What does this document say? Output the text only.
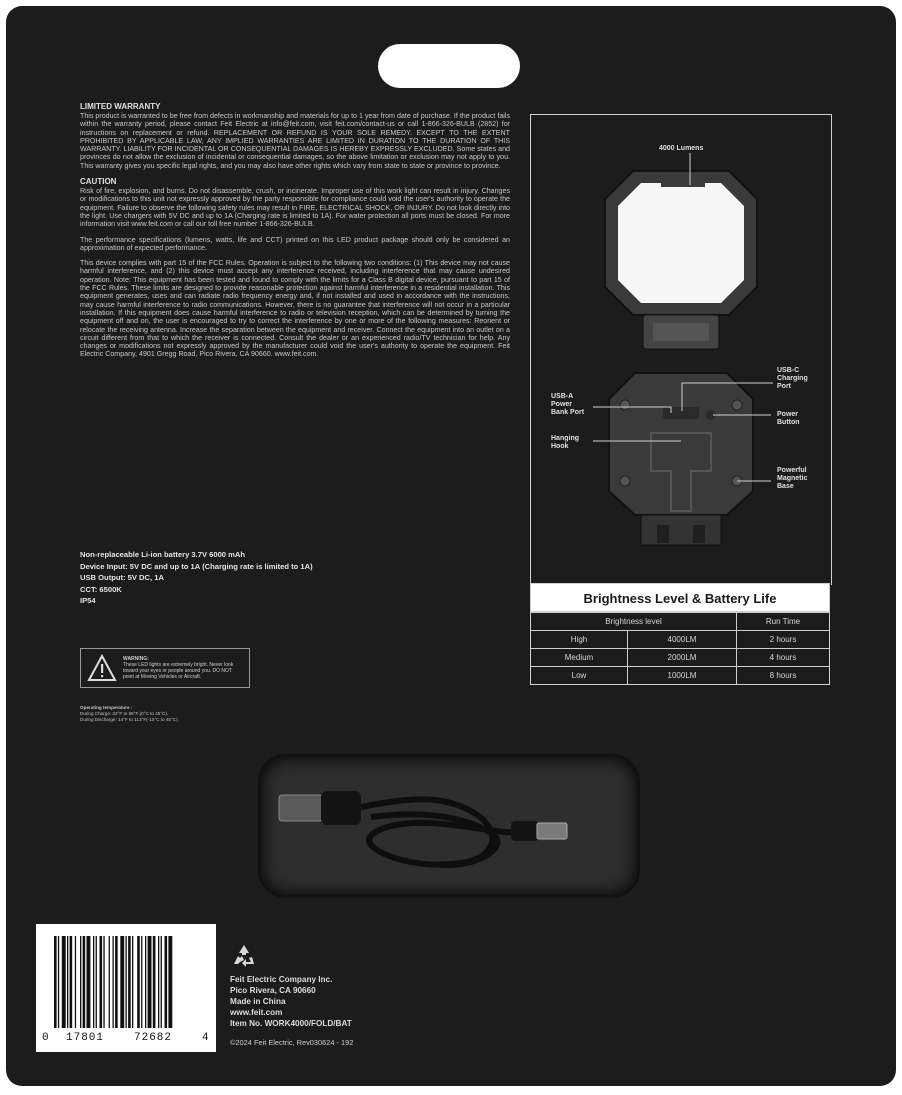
LIMITED WARRANTY

This product is warranted to be free from defects in workmanship and materials for up to 1 year from date of purchase. If the product fails within the warranty period, please contact Feit Electric at info@feit.com, visit feit.com/contact-us or call 1-866-326-BULB (2852) for instructions on replacement or refund. REPLACEMENT OR REFUND IS YOUR SOLE REMEDY. EXCEPT TO THE EXTENT PROHIBITED BY APPLICABLE LAW, ANY IMPLIED WARRANTIES ARE LIMITED IN DURATION TO THE DURATION OF THIS WARRANTY. LIABILITY FOR INCIDENTAL OR CONSEQUENTIAL DAMAGES IS HEREBY EXPRESSLY EXCLUDED. Some states and provinces do not allow the exclusion of incidental or consequential damages, so the above limitation or exclusion may not apply to you. This warranty gives you specific legal rights, and you may also have other rights which vary from state to state or province to province.

CAUTION

Risk of fire, explosion, and burns. Do not disassemble, crush, or incinerate. Improper use of this work light can result in injury. Changes or modifications to this unit not expressly approved by the party responsible for compliance could void the user's authority to operate the equipment. Failure to observe the following safety rules may result in FIRE, ELECTRICAL SHOCK, OR INJURY. Do not look directly into the light. Use chargers with 5V DC and up to 1A (Charging rate is limited to 1A). For water protection all ports must be closed. For more information visit www.feit.com or call our toll free number 1-866-326-BULB.

The performance specifications (lumens, watts, life and CCT) printed on this LED product package should only be considered an approximation of expected performance.

This device complies with part 15 of the FCC Rules. Operation is subject to the following two conditions: (1) This device may not cause harmful interference, and (2) this device must accept any interference received, including interference that may cause undesired operation. Note: This equipment has been tested and found to comply with the limits for a Class B digital device, pursuant to part 15 of the FCC Rules. These limits are designed to provide reasonable protection against harmful interference in a residential installation. This equipment generates, uses and can radiate radio frequency energy and, if not installed and used in accordance with the instructions, may cause harmful interference to radio communications. However, there is no guarantee that interference will not occur in a particular installation. If this equipment does cause harmful interference to radio or television reception, which can be determined by turning the equipment off and on, the user is encouraged to try to correct the interference by one or more of the following measures: Reorient or relocate the receiving antenna. Increase the separation between the equipment and receiver. Connect the equipment into an outlet on a circuit different from that to which the receiver is connected. Consult the dealer or an experienced radio/TV technician for help. Any changes or modifications not expressly approved by the manufacturer could void the user's authority to operate the equipment. Feit Electric Company, 4901 Gregg Road, Pico Rivera, CA 90660. www.feit.com.

Non-replaceable Li-ion battery 3.7V 6000 mAh
Device Input: 5V DC and up to 1A (Charging rate is limited to 1A)
USB Output: 5V DC, 1A
CCT: 6500K
IP54
WARNING:
These LED lights are extremely bright. Never look toward your eyes or people around you. DO NOT point at Moving Vehicles or Aircraft.
Operating temperature :
During Charge: 32°F to 95°F (0°C to 45°C).
During Discharge: 14°F to 113°F(-10°C to 45°C).
4000 Lumens
USB-C
Charging
Port
USB-A
Power
Bank Port	Power
Button
Hanging
Hook
Powerful
Magnetic
Base
Brightness Level & Battery Life
Brightness level		Run Time
High	4000LM	2 hours
Medium	2000LM	4 hours
Low	1000LM	8 hours
0 17801	72682	4
Feit Electric Company Inc.
Pico Rivera, CA 90660
Made in China
www.feit.com
Item No. WORK4000/FOLD/BAT
©2024 Feit Electric, Rev030624 - 192
